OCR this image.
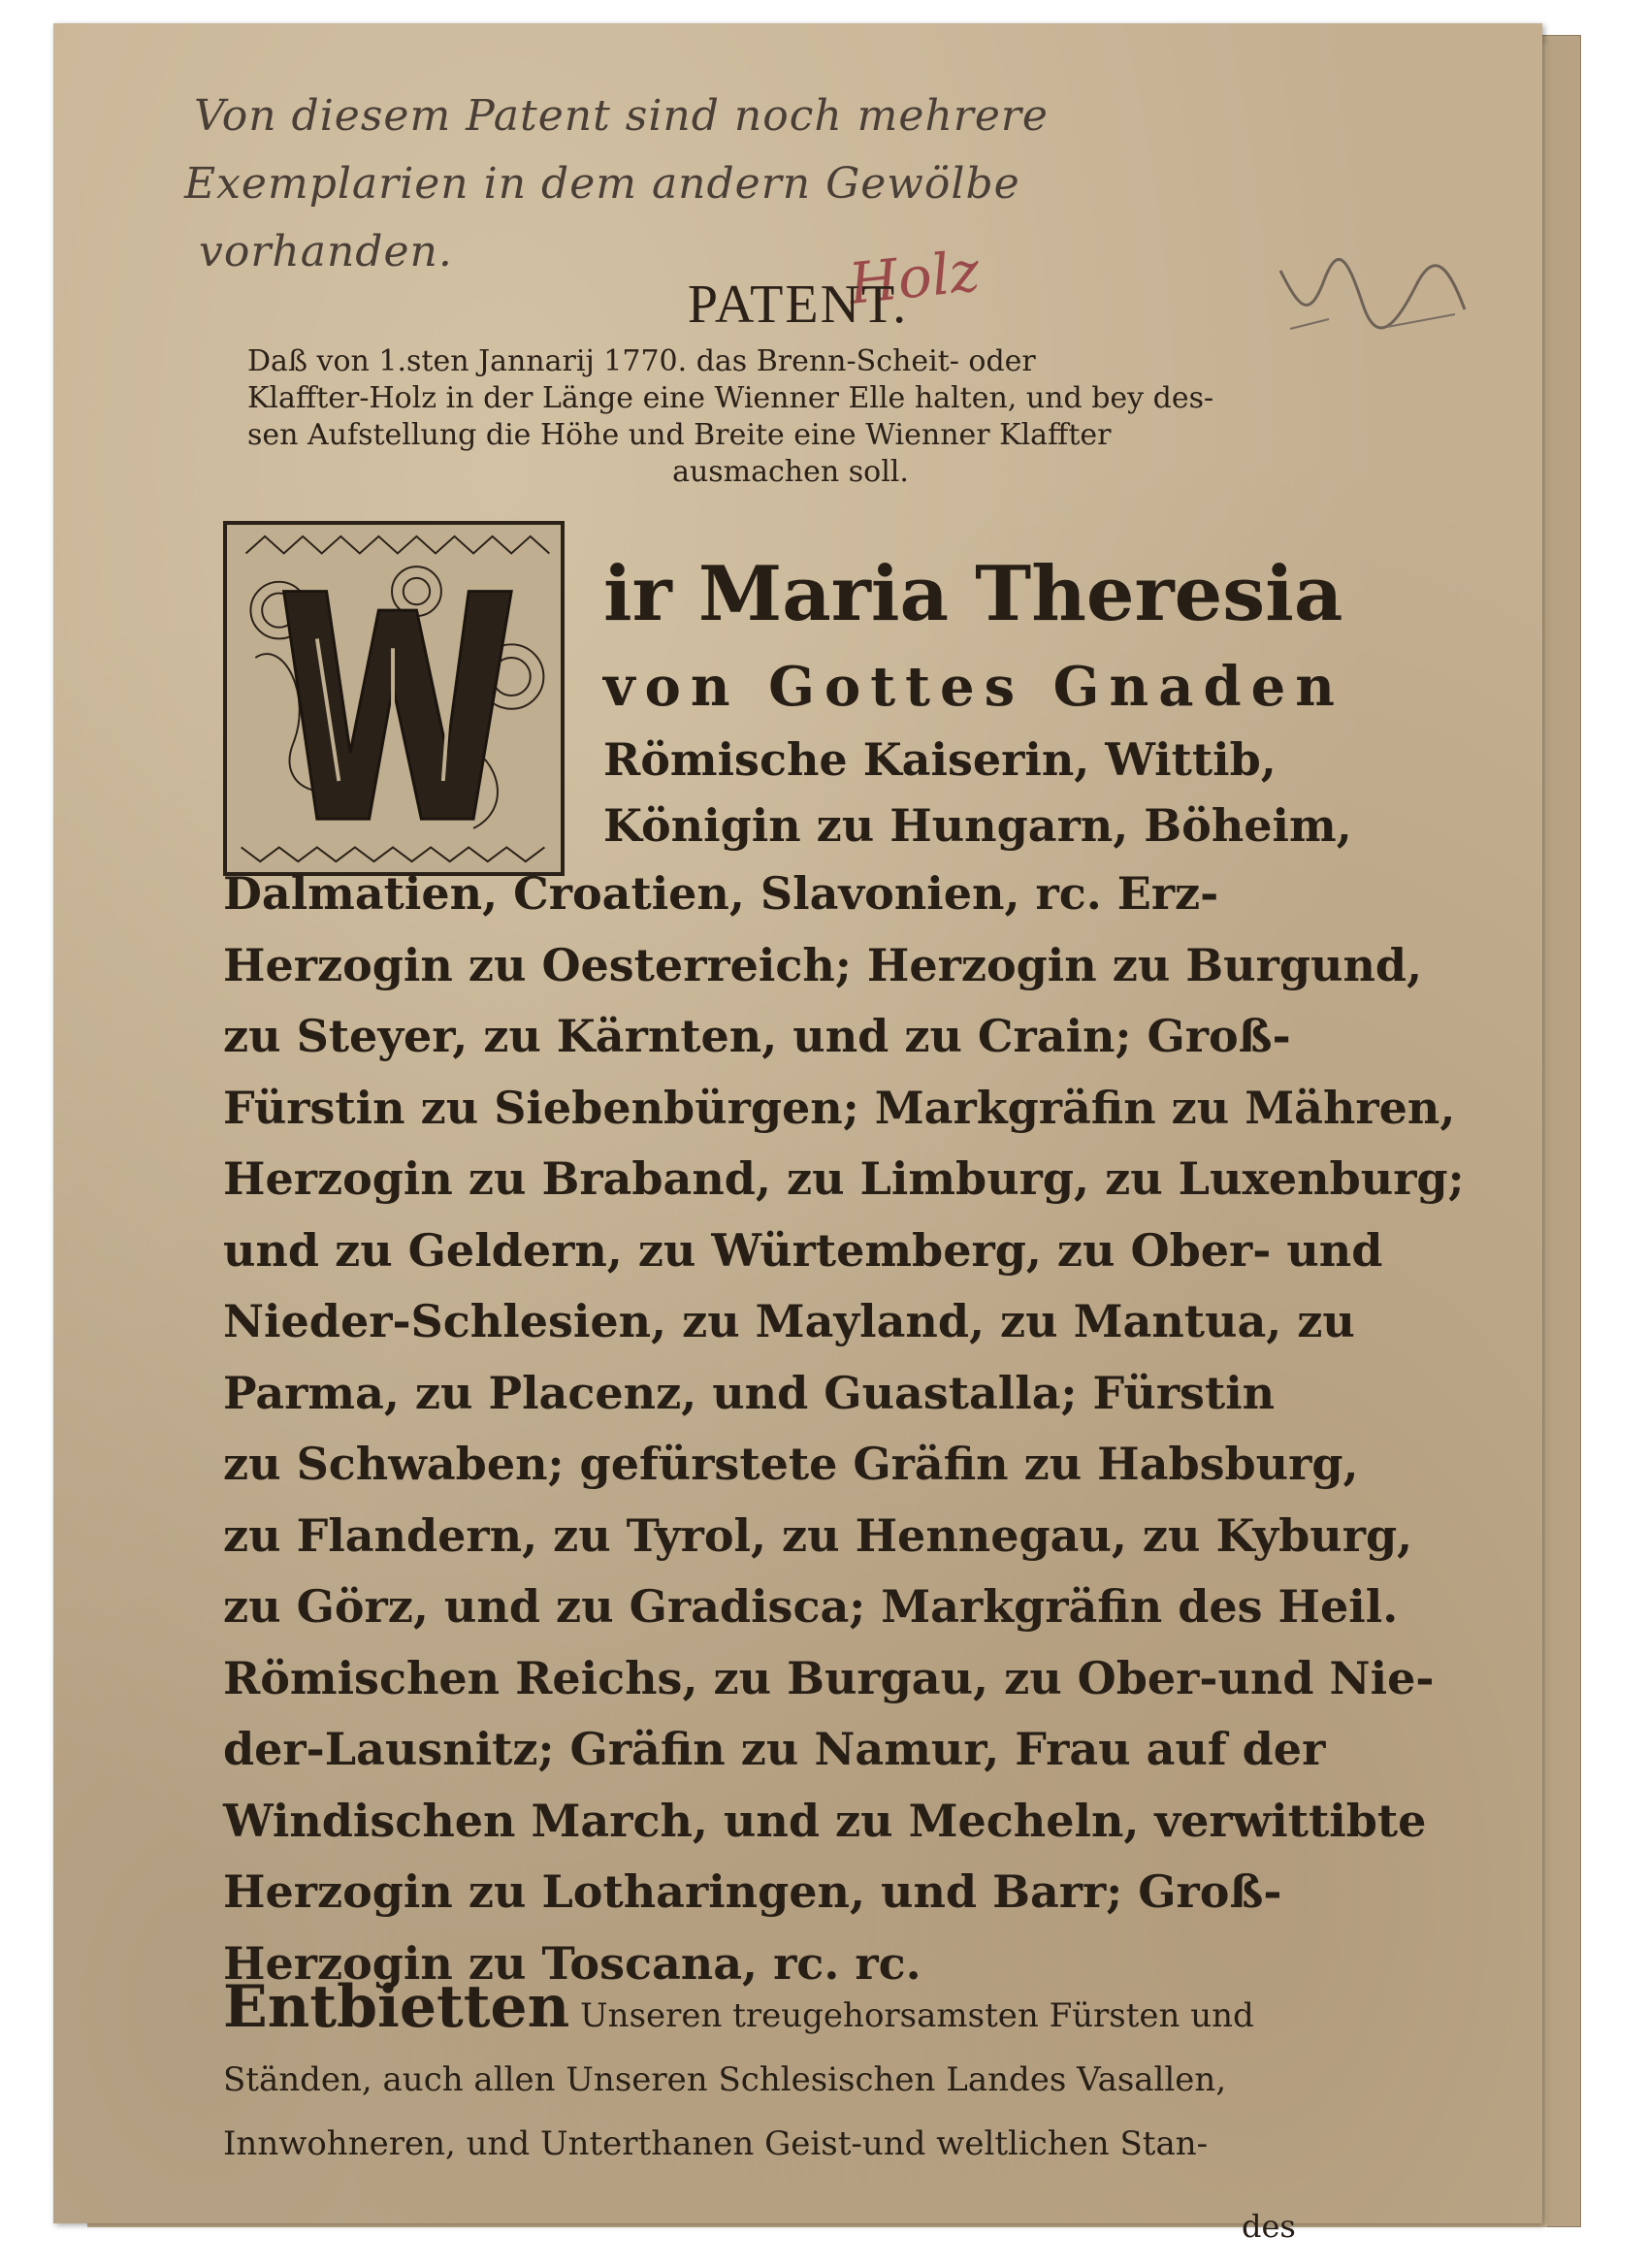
Von diesem Patent sind noch mehrere
Exemplarien in dem andern Gewölbe
vorhanden.	Holz
PATENT.
Daß von 1.sten Jannarij 1770. das Brenn-Scheit- oder
Klaffter-Holz in der Länge eine Wienner Elle halten, und bey des-
sen Aufstellung die Höhe und Breite eine Wienner Klaffter
ausmachen soll.
ir Maria Theresia
von Gottes Gnaden
Römische Kaiserin, Wittib,
Königin zu Hungarn, Böheim,
Dalmatien, Croatien, Slavonien, rc. Erz-
Herzogin zu Oesterreich; Herzogin zu Burgund,
zu Steyer, zu Kärnten, und zu Crain; Groß-
Fürstin zu Siebenbürgen; Markgräfin zu Mähren,
Herzogin zu Braband, zu Limburg, zu Luxenburg;
und zu Geldern, zu Würtemberg, zu Ober- und
Nieder-Schlesien, zu Mayland, zu Mantua, zu
Parma, zu Placenz, und Guastalla; Fürstin
zu Schwaben; gefürstete Gräfin zu Habsburg,
zu Flandern, zu Tyrol, zu Hennegau, zu Kyburg,
zu Görz, und zu Gradisca; Markgräfin des Heil.
Römischen Reichs, zu Burgau, zu Ober-und Nie-
der-Lausnitz; Gräfin zu Namur, Frau auf der
Windischen March, und zu Mecheln, verwittibte
Herzogin zu Lotharingen, und Barr; Groß-
Herzogin zu Toscana, rc. rc.
Entbietten Unseren treugehorsamsten Fürsten und
Ständen, auch allen Unseren Schlesischen Landes Vasallen,
Innwohneren, und Unterthanen Geist-und weltlichen Stan-
des
